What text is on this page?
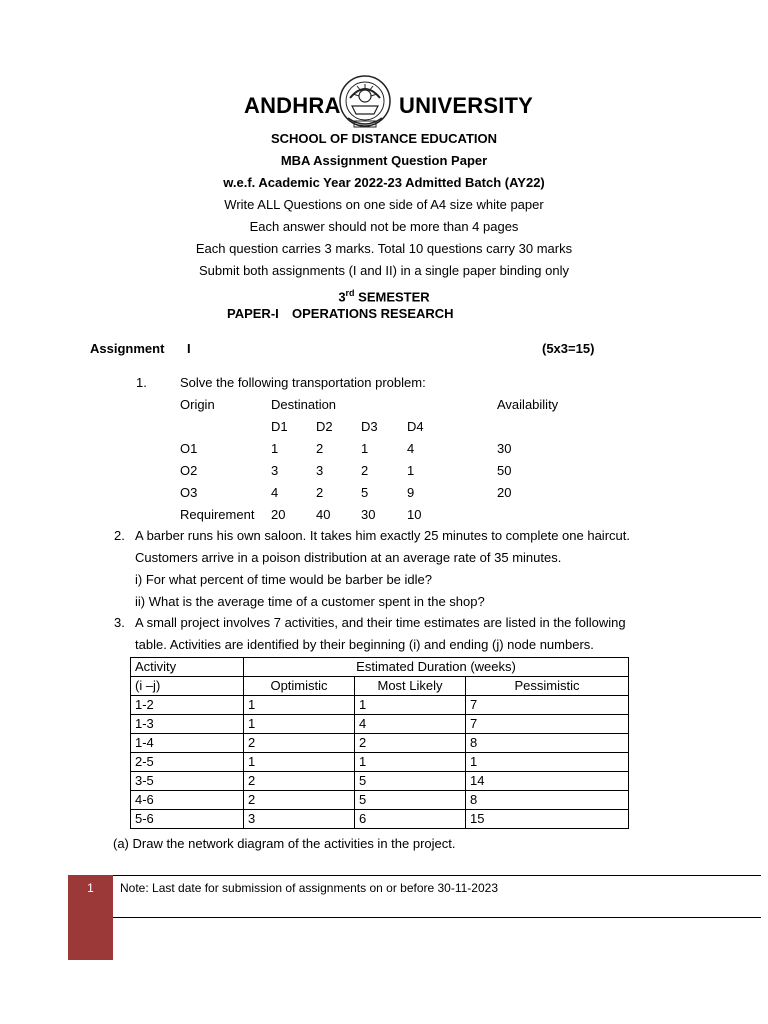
ANDHRA	UNIVERSITY
SCHOOL OF DISTANCE EDUCATION
MBA Assignment Question Paper
w.e.f. Academic Year 2022-23 Admitted Batch (AY22)
Write ALL Questions on one side of A4 size white paper
Each answer should not be more than 4 pages
Each question carries 3 marks. Total 10 questions carry 30 marks
Submit both assignments (I and II) in a single paper binding only
3rd SEMESTER
PAPER-I OPERATIONS RESEARCH
Assignment I	(5x3=15)
1.	Solve the following transportation problem:
Origin	Destination	Availability
D1 D2 D3 D4
O1	1	2	1	4	30
O2	3	3	2	1	50
O3	4	2	5	9	20
Requirement 20 40 30 10
2. A barber runs his own saloon. It takes him exactly 25 minutes to complete one haircut.
Customers arrive in a poison distribution at an average rate of 35 minutes.
i) For what percent of time would be barber be idle?
ii) What is the average time of a customer spent in the shop?
3. A small project involves 7 activities, and their time estimates are listed in the following
table. Activities are identified by their beginning (i) and ending (j) node numbers.
Activity	Estimated Duration (weeks)		
(i –j)	Optimistic	Most Likely	Pessimistic
1-2	1	1	7
1-3	1	4	7
1-4	2	2	8
2-5	1	1	1
3-5	2	5	14
4-6	2	5	8
5-6	3	6	15
(a) Draw the network diagram of the activities in the project.
1	Note: Last date for submission of assignments on or before 30-11-2023
